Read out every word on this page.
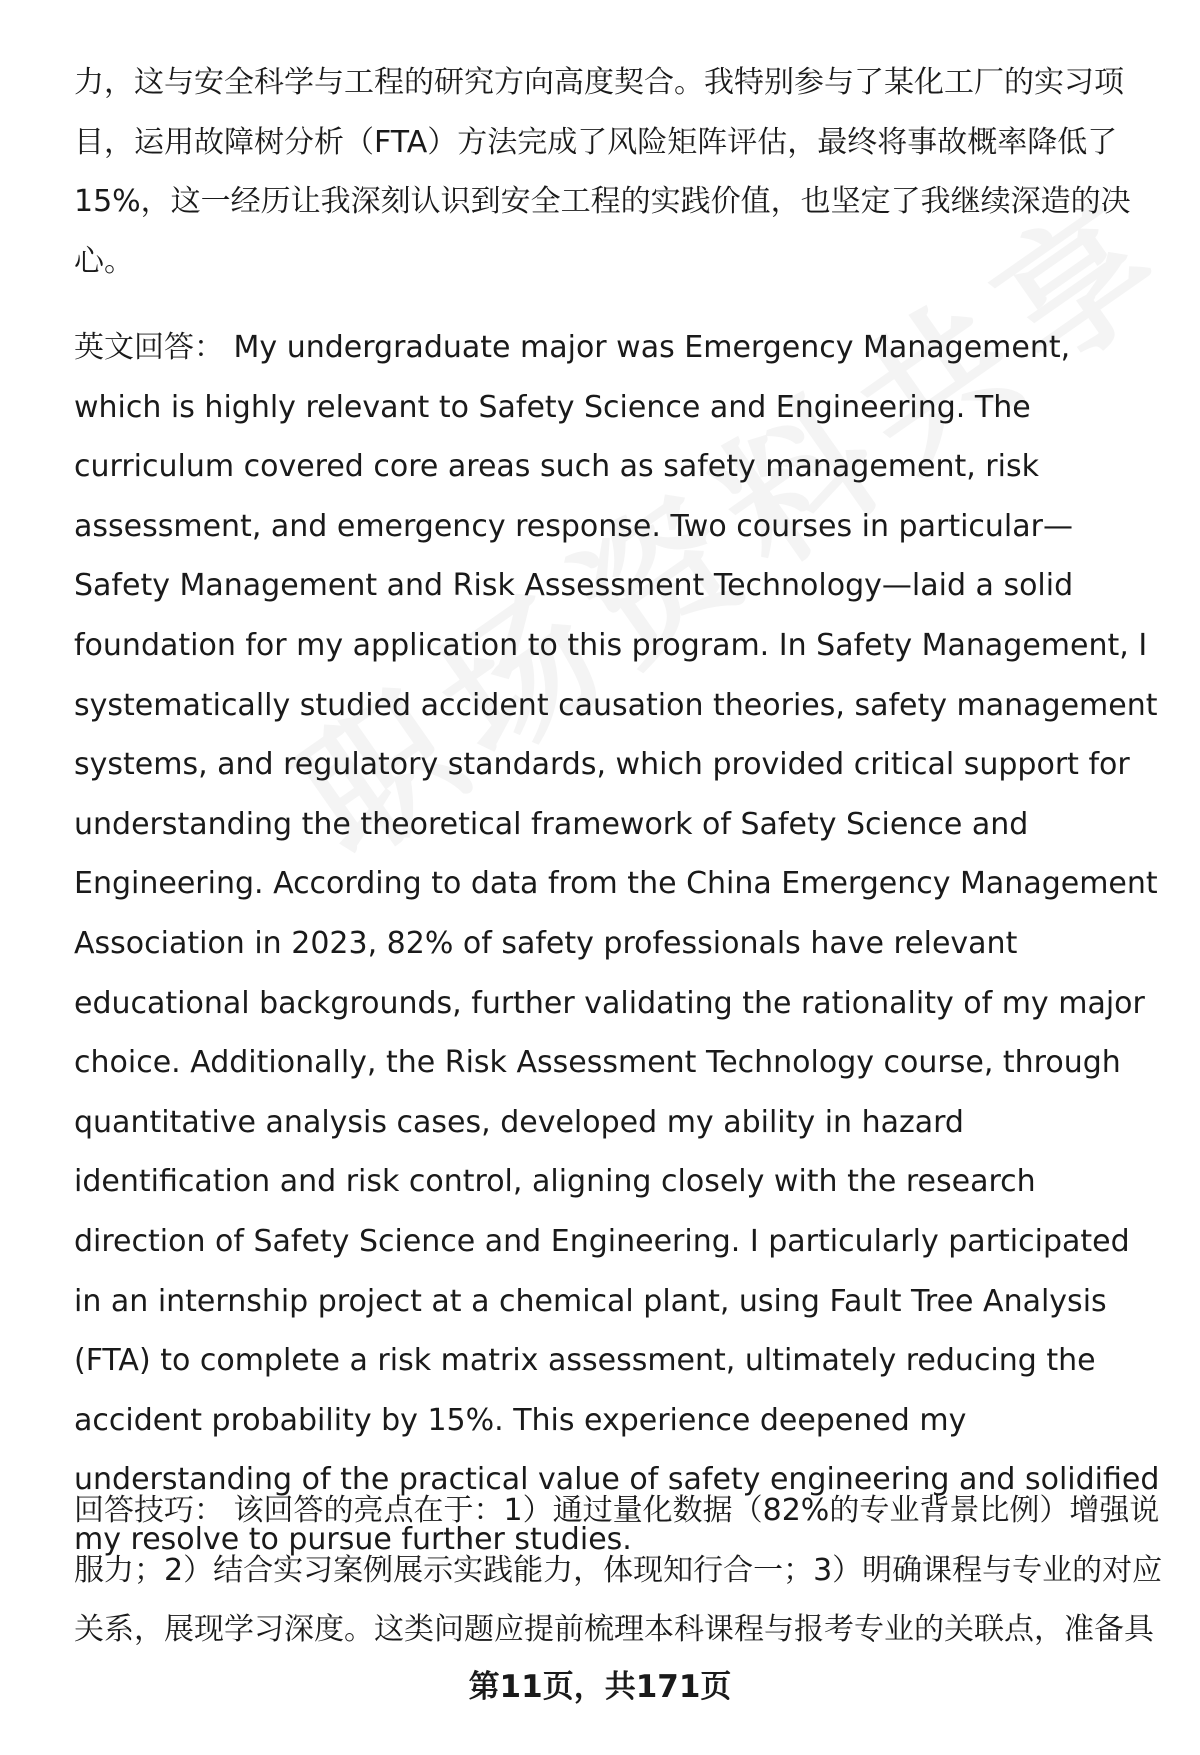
力，这与安全科学与工程的研究方向高度契合。我特别参与了某化工厂的实习项目，运用故障树分析（FTA）方法完成了风险矩阵评估，最终将事故概率降低了15%，这一经历让我深刻认识到安全工程的实践价值，也坚定了我继续深造的决心。

英文回答： My undergraduate major was Emergency Management, which is highly relevant to Safety Science and Engineering. The curriculum covered core areas such as safety management, risk assessment, and emergency response. Two courses in particular—Safety Management and Risk Assessment Technology—laid a solid foundation for my application to this program. In Safety Management, I systematically studied accident causation theories, safety management systems, and regulatory standards, which provided critical support for understanding the theoretical framework of Safety Science and Engineering. According to data from the China Emergency Management Association in 2023, 82% of safety professionals have relevant educational backgrounds, further validating the rationality of my major choice. Additionally, the Risk Assessment Technology course, through quantitative analysis cases, developed my ability in hazard identification and risk control, aligning closely with the research direction of Safety Science and Engineering. I particularly participated in an internship project at a chemical plant, using Fault Tree Analysis (FTA) to complete a risk matrix assessment, ultimately reducing the accident probability by 15%. This experience deepened my understanding of the practical value of safety engineering and solidified my resolve to pursue further studies.

回答技巧： 该回答的亮点在于：1）通过量化数据（82%的专业背景比例）增强说服力；2）结合实习案例展示实践能力，体现知行合一；3）明确课程与专业的对应关系，展现学习深度。这类问题应提前梳理本科课程与报考专业的关联点，准备具

第11页，共171页
